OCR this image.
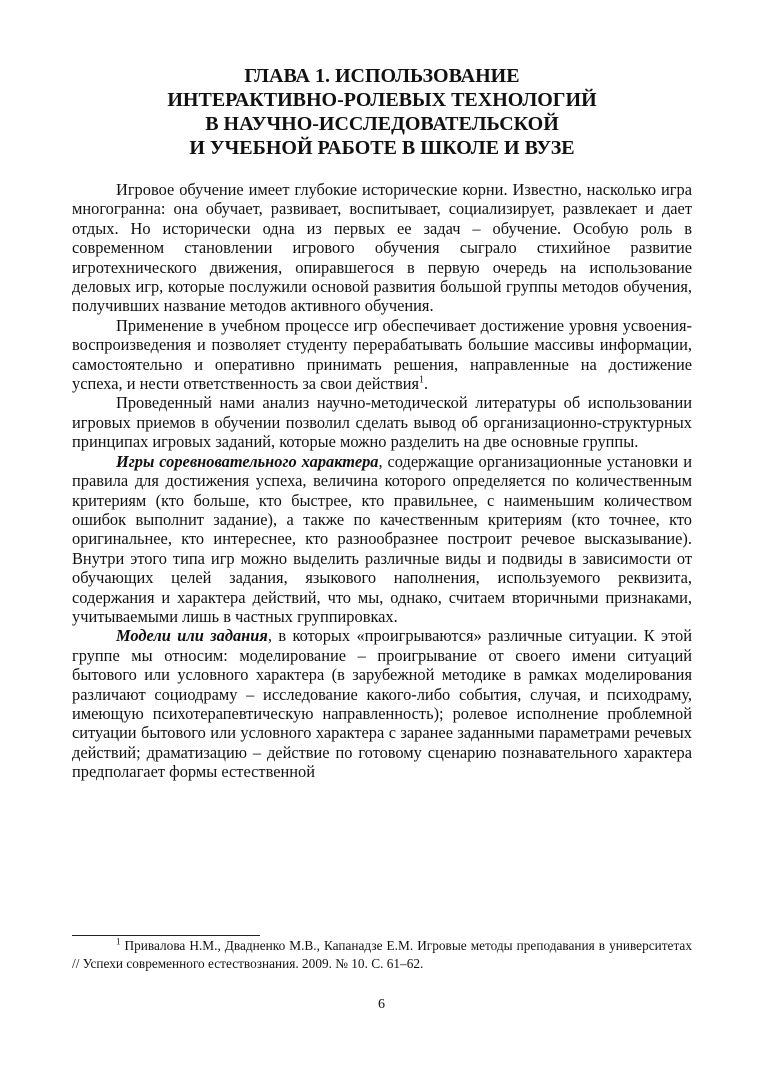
ГЛАВА 1. ИСПОЛЬЗОВАНИЕ
ИНТЕРАКТИВНО-РОЛЕВЫХ ТЕХНОЛОГИЙ
В НАУЧНО-ИССЛЕДОВАТЕЛЬСКОЙ
И УЧЕБНОЙ РАБОТЕ В ШКОЛЕ И ВУЗЕ

Игровое обучение имеет глубокие исторические корни. Известно, насколько игра многогранна: она обучает, развивает, воспитывает, социализирует, развлекает и дает отдых. Но исторически одна из первых ее задач – обучение. Особую роль в современном становлении игрового обучения сыграло стихийное развитие игротехнического движения, опиравшегося в первую очередь на использование деловых игр, которые послужили основой развития большой группы методов обучения, получивших название методов активного обучения.

Применение в учебном процессе игр обеспечивает достижение уровня усвоения-воспроизведения и позволяет студенту перерабатывать большие массивы информации, самостоятельно и оперативно принимать решения, направленные на достижение успеха, и нести ответственность за свои действия$^1$.

Проведенный нами анализ научно-методической литературы об использовании игровых приемов в обучении позволил сделать вывод об организационно-структурных принципах игровых заданий, которые можно разделить на две основные группы.

Игры соревновательного характера, содержащие организационные установки и правила для достижения успеха, величина которого определяется по количественным критериям (кто больше, кто быстрее, кто правильнее, с наименьшим количеством ошибок выполнит задание), а также по качественным критериям (кто точнее, кто оригинальнее, кто интереснее, кто разнообразнее построит речевое высказывание). Внутри этого типа игр можно выделить различные виды и подвиды в зависимости от обучающих целей задания, языкового наполнения, используемого реквизита, содержания и характера действий, что мы, однако, считаем вторичными признаками, учитываемыми лишь в частных группировках.

Модели или задания, в которых «проигрываются» различные ситуации. К этой группе мы относим: моделирование – проигрывание от своего имени ситуаций бытового или условного характера (в зарубежной методике в рамках моделирования различают социодраму – исследование какого-либо события, случая, и психодраму, имеющую психотерапевтическую направленность); ролевое исполнение проблемной ситуации бытового или условного характера с заранее заданными параметрами речевых действий; драматизацию – действие по готовому сценарию познавательного характера предполагает формы естественной

$^1$ Привалова Н.М., Двадненко М.В., Капанадзе Е.М. Игровые методы преподавания в университетах // Успехи современного естествознания. 2009. № 10. С. 61–62.

6
